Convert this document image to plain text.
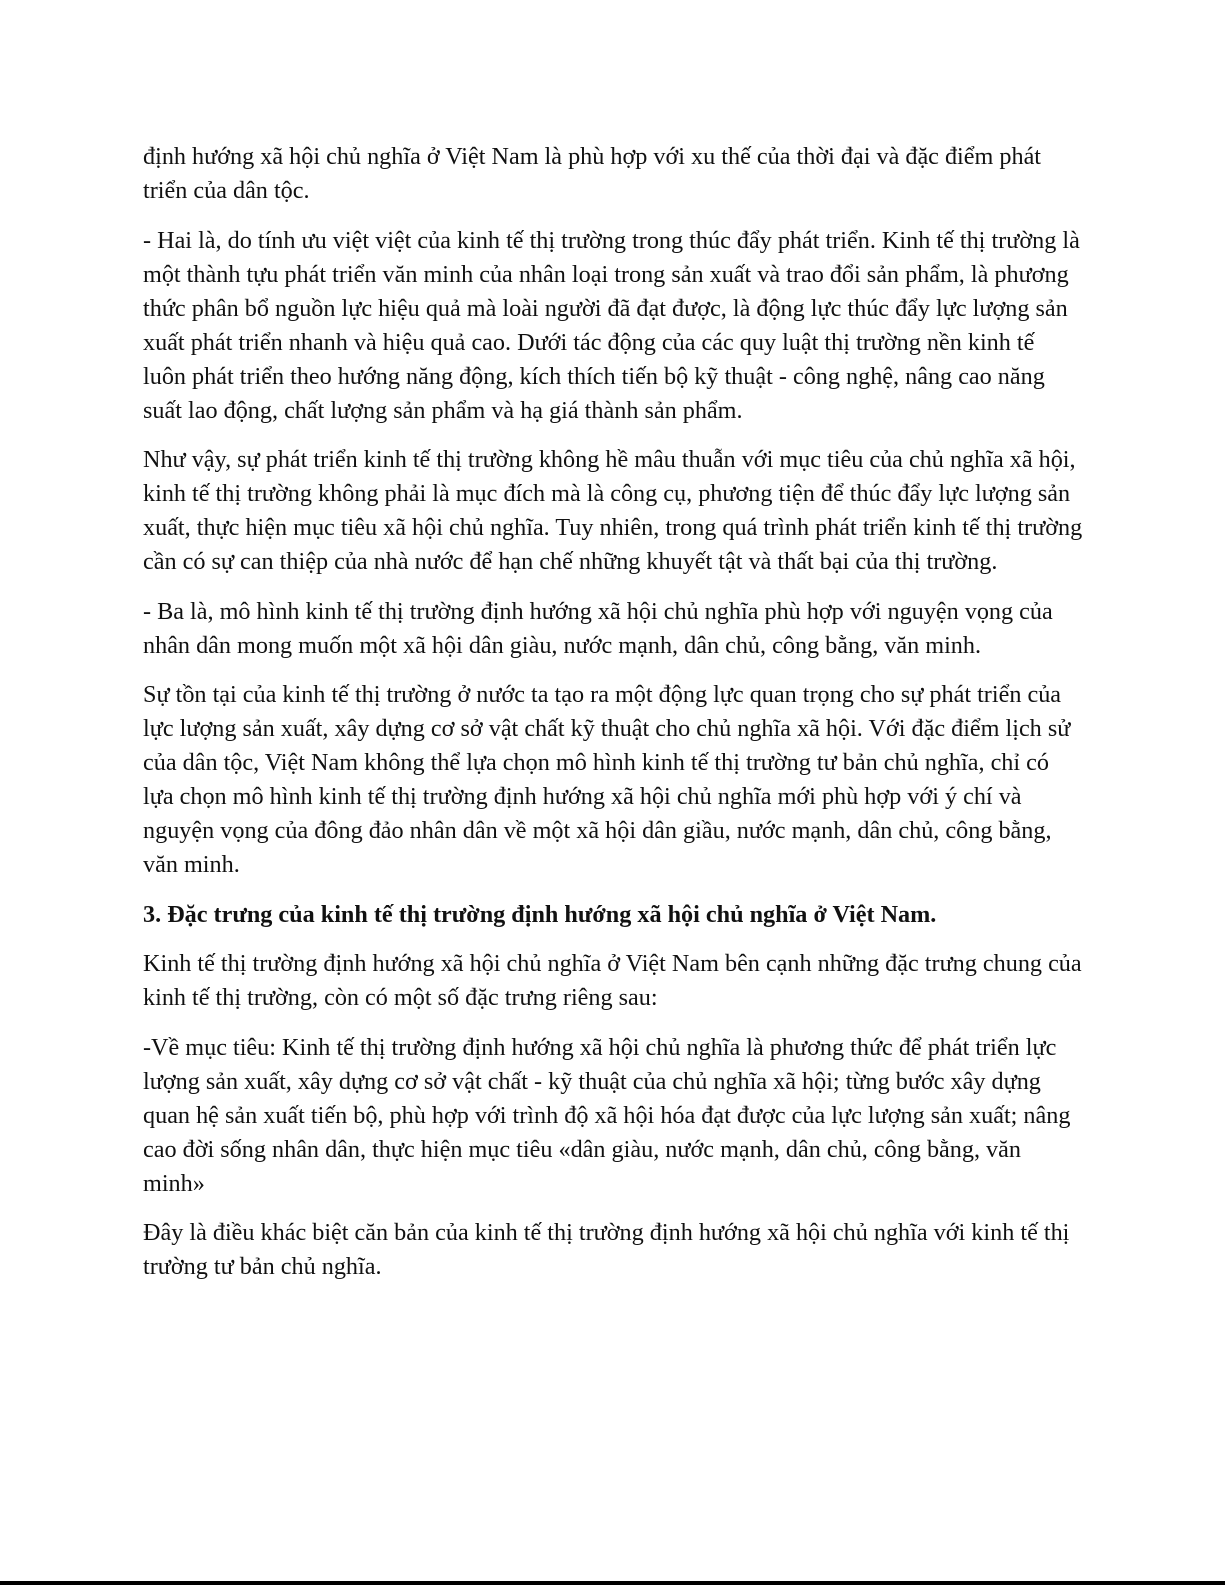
định hướng xã hội chủ nghĩa ở Việt Nam là phù hợp với xu thế của thời đại và đặc điểm phát triển của dân tộc.

- Hai là, do tính ưu việt việt của kinh tế thị trường trong thúc đẩy phát triển. Kinh tế thị trường là một thành tựu phát triển văn minh của nhân loại trong sản xuất và trao đổi sản phẩm, là phương thức phân bổ nguồn lực hiệu quả mà loài người đã đạt được, là động lực thúc đẩy lực lượng sản xuất phát triển nhanh và hiệu quả cao. Dưới tác động của các quy luật thị trường nền kinh tế luôn phát triển theo hướng năng động, kích thích tiến bộ kỹ thuật - công nghệ, nâng cao năng suất lao động, chất lượng sản phẩm và hạ giá thành sản phẩm.

Như vậy, sự phát triển kinh tế thị trường không hề mâu thuẫn với mục tiêu của chủ nghĩa xã hội, kinh tế thị trường không phải là mục đích mà là công cụ, phương tiện để thúc đẩy lực lượng sản xuất, thực hiện mục tiêu xã hội chủ nghĩa. Tuy nhiên, trong quá trình phát triển kinh tế thị trường cần có sự can thiệp của nhà nước để hạn chế những khuyết tật và thất bại của thị trường.

- Ba là, mô hình kinh tế thị trường định hướng xã hội chủ nghĩa phù hợp với nguyện vọng của nhân dân mong muốn một xã hội dân giàu, nước mạnh, dân chủ, công bằng, văn minh.

Sự tồn tại của kinh tế thị trường ở nước ta tạo ra một động lực quan trọng cho sự phát triển của lực lượng sản xuất, xây dựng cơ sở vật chất kỹ thuật cho chủ nghĩa xã hội. Với đặc điểm lịch sử của dân tộc, Việt Nam không thể lựa chọn mô hình kinh tế thị trường tư bản chủ nghĩa, chỉ có lựa chọn mô hình kinh tế thị trường định hướng xã hội chủ nghĩa mới phù hợp với ý chí và nguyện vọng của đông đảo nhân dân về một xã hội dân giầu, nước mạnh, dân chủ, công bằng, văn minh.

3. Đặc trưng của kinh tế thị trường định hướng xã hội chủ nghĩa ở Việt Nam.

Kinh tế thị trường định hướng xã hội chủ nghĩa ở Việt Nam bên cạnh những đặc trưng chung của kinh tế thị trường, còn có một số đặc trưng riêng sau:

-Về mục tiêu: Kinh tế thị trường định hướng xã hội chủ nghĩa là phương thức để phát triển lực lượng sản xuất, xây dựng cơ sở vật chất - kỹ thuật của chủ nghĩa xã hội; từng bước xây dựng quan hệ sản xuất tiến bộ, phù hợp với trình độ xã hội hóa đạt được của lực lượng sản xuất; nâng cao đời sống nhân dân, thực hiện mục tiêu «dân giàu, nước mạnh, dân chủ, công bằng, văn minh»

Đây là điều khác biệt căn bản của kinh tế thị trường định hướng xã hội chủ nghĩa với kinh tế thị trường tư bản chủ nghĩa.
